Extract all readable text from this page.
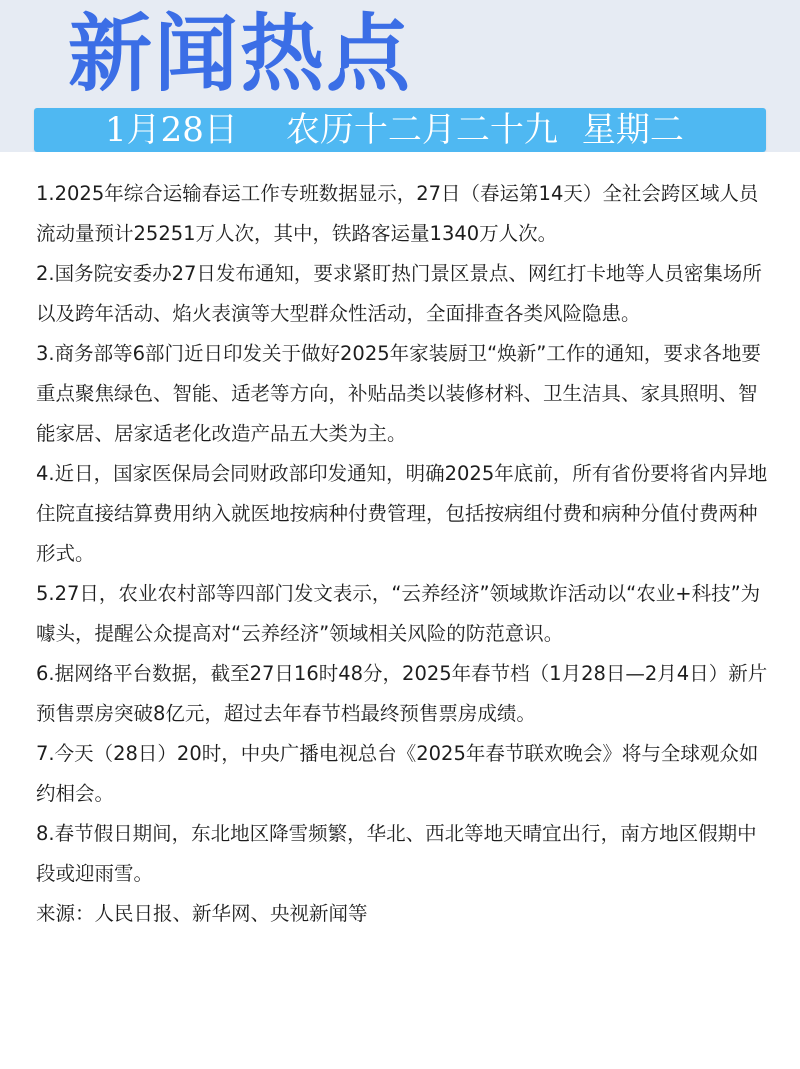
新闻热点
1月28日 农历十二月二十九 星期二

1.2025年综合运输春运工作专班数据显示，27日（春运第14天）全社会跨区域人员流动量预计25251万人次，其中，铁路客运量1340万人次。

2.国务院安委办27日发布通知，要求紧盯热门景区景点、网红打卡地等人员密集场所以及跨年活动、焰火表演等大型群众性活动，全面排查各类风险隐患。

3.商务部等6部门近日印发关于做好2025年家装厨卫“焕新”工作的通知，要求各地要重点聚焦绿色、智能、适老等方向，补贴品类以装修材料、卫生洁具、家具照明、智能家居、居家适老化改造产品五大类为主。

4.近日，国家医保局会同财政部印发通知，明确2025年底前，所有省份要将省内异地住院直接结算费用纳入就医地按病种付费管理，包括按病组付费和病种分值付费两种形式。

5.27日，农业农村部等四部门发文表示，“云养经济”领域欺诈活动以“农业+科技”为噱头，提醒公众提高对“云养经济”领域相关风险的防范意识。

6.据网络平台数据，截至27日16时48分，2025年春节档（1月28日—2月4日）新片预售票房突破8亿元，超过去年春节档最终预售票房成绩。

7.今天（28日）20时，中央广播电视总台《2025年春节联欢晚会》将与全球观众如约相会。

8.春节假日期间，东北地区降雪频繁，华北、西北等地天晴宜出行，南方地区假期中段或迎雨雪。

来源：人民日报、新华网、央视新闻等
